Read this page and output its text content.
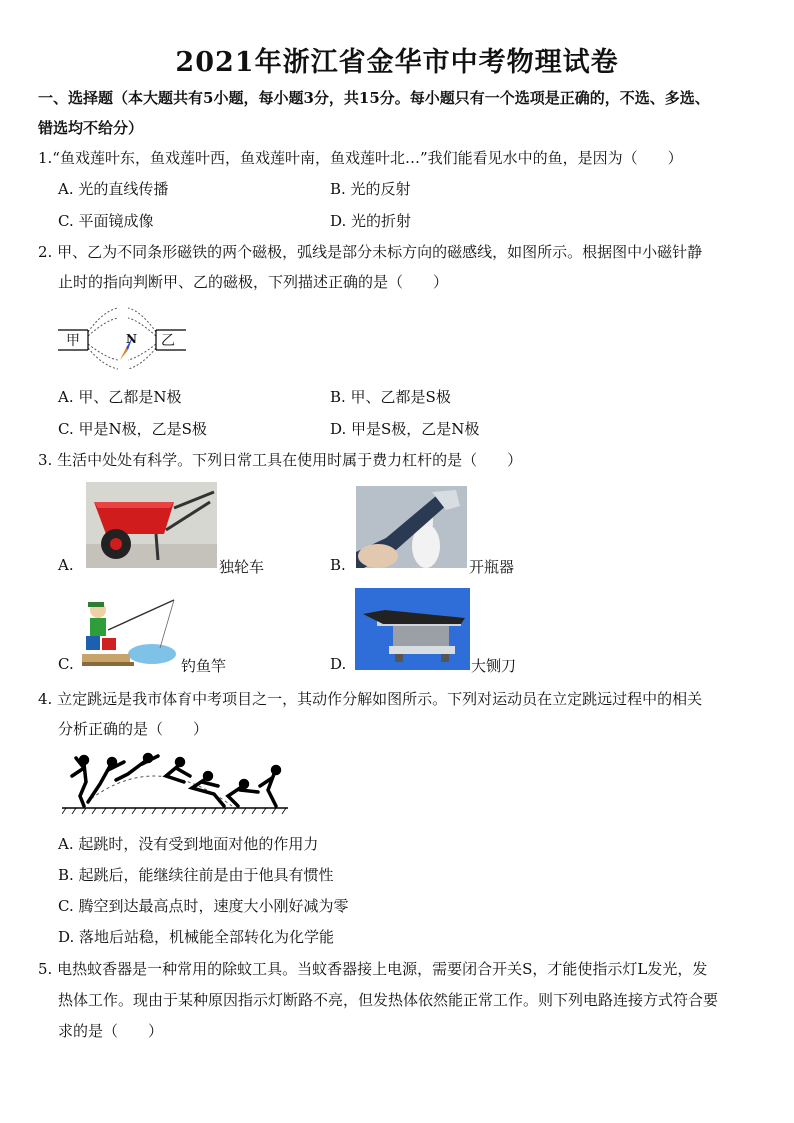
2021年浙江省金华市中考物理试卷
一、选择题（本大题共有5小题，每小题3分，共15分。每小题只有一个选项是正确的，不选、多选、
错选均不给分）
1.“鱼戏莲叶东，鱼戏莲叶西，鱼戏莲叶南，鱼戏莲叶北…”我们能看见水中的鱼，是因为（　　）
A. 光的直线传播	B. 光的反射
C. 平面镜成像	D. 光的折射
2. 甲、乙为不同条形磁铁的两个磁极，弧线是部分未标方向的磁感线，如图所示。根据图中小磁针静
止时的指向判断甲、乙的磁极，下列描述正确的是（　　）
甲	乙
N
A. 甲、乙都是N极	B. 甲、乙都是S极
C. 甲是N极，乙是S极	D. 甲是S极，乙是N极
3. 生活中处处有科学。下列日常工具在使用时属于费力杠杆的是（　　）
A.	独轮车	B.	开瓶器
C.	钓鱼竿	D.	大铡刀
4. 立定跳远是我市体育中考项目之一，其动作分解如图所示。下列对运动员在立定跳远过程中的相关
分析正确的是（　　）
A. 起跳时，没有受到地面对他的作用力
B. 起跳后，能继续往前是由于他具有惯性
C. 腾空到达最高点时，速度大小刚好减为零
D. 落地后站稳，机械能全部转化为化学能
5. 电热蚊香器是一种常用的除蚊工具。当蚊香器接上电源，需要闭合开关S，才能使指示灯L发光，发
热体工作。现由于某种原因指示灯断路不亮，但发热体依然能正常工作。则下列电路连接方式符合要
求的是（　　）
